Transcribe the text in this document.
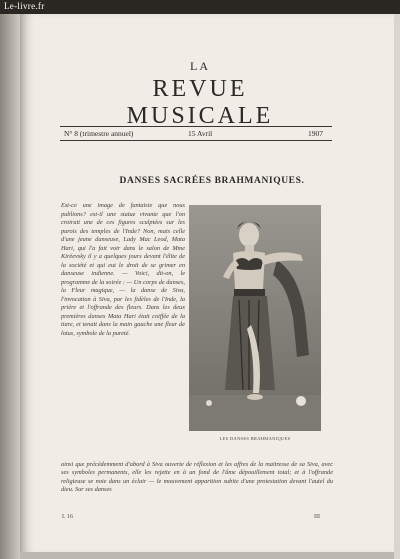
Le-livre.fr
LA
REVUE MUSICALE
N° 8 (trimestre annuel)	15 Avril	1907
DANSES SACRÉES BRAHMANIQUES.
Est-ce une image de fantaisie que nous publions? est-il une statue vivante que l'on croirait une de ces figures sculptées sur les parois des temples de l'Inde? Non, mais celle d'une jeune danseuse, Lady Mac Leod, Mata Hari, qui l'a fait voir dans le salon de Mme Kiréevsky il y a quelques jours devant l'élite de la société et qui eut le droit de se grimer en danseuse indienne. — Voici, dit-on, le programme de la soirée : — Un corps de danses, la Fleur magique, — la danse de Siva, l'invocation à Siva, par les fidèles de l'Inde, la prière et l'offrande des fleurs. Dans les deux premières danses Mata Hari était coiffée de la tiare, et tenait dans la main gauche une fleur de lotus, symbole de la pureté.
LES DANSES BRAHMANIQUES
ainsi que précédemment d'abord à Siva ouverte de réflexion et les affres de la maitresse de sa Siva, avec ses symboles permanents, elle les rejette en à un fond de l'âme dépouillement total; et à l'offrande religieuse se noie dans un éclair — le mouvement apparition subite d'une protestation devant l'autel du dieu. Sur ses danses
I. 16	III
